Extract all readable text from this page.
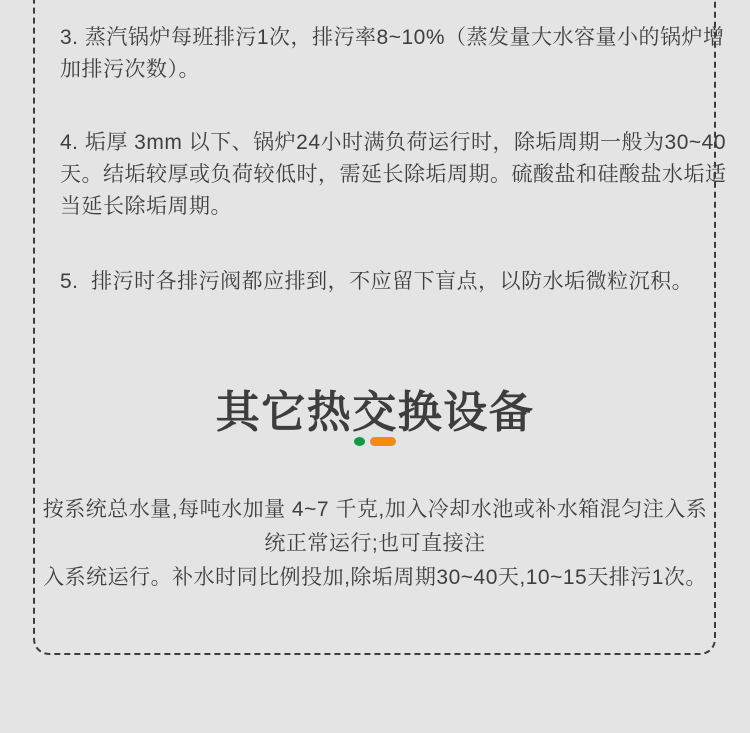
3. 蒸汽锅炉每班排污1次，排污率8~10%（蒸发量大水容量小的锅炉增
加排污次数）。
4. 垢厚 3mm 以下、锅炉24小时满负荷运行时，除垢周期一般为30~40
天。结垢较厚或负荷较低时，需延长除垢周期。硫酸盐和硅酸盐水垢适
当延长除垢周期。
5.  排污时各排污阀都应排到，不应留下盲点，以防水垢微粒沉积。
其它热交换设备
按系统总水量,每吨水加量 4~7 千克,加入冷却水池或补水箱混匀注入系
统正常运行;也可直接注
入系统运行。补水时同比例投加,除垢周期30~40天,10~15天排污1次。
